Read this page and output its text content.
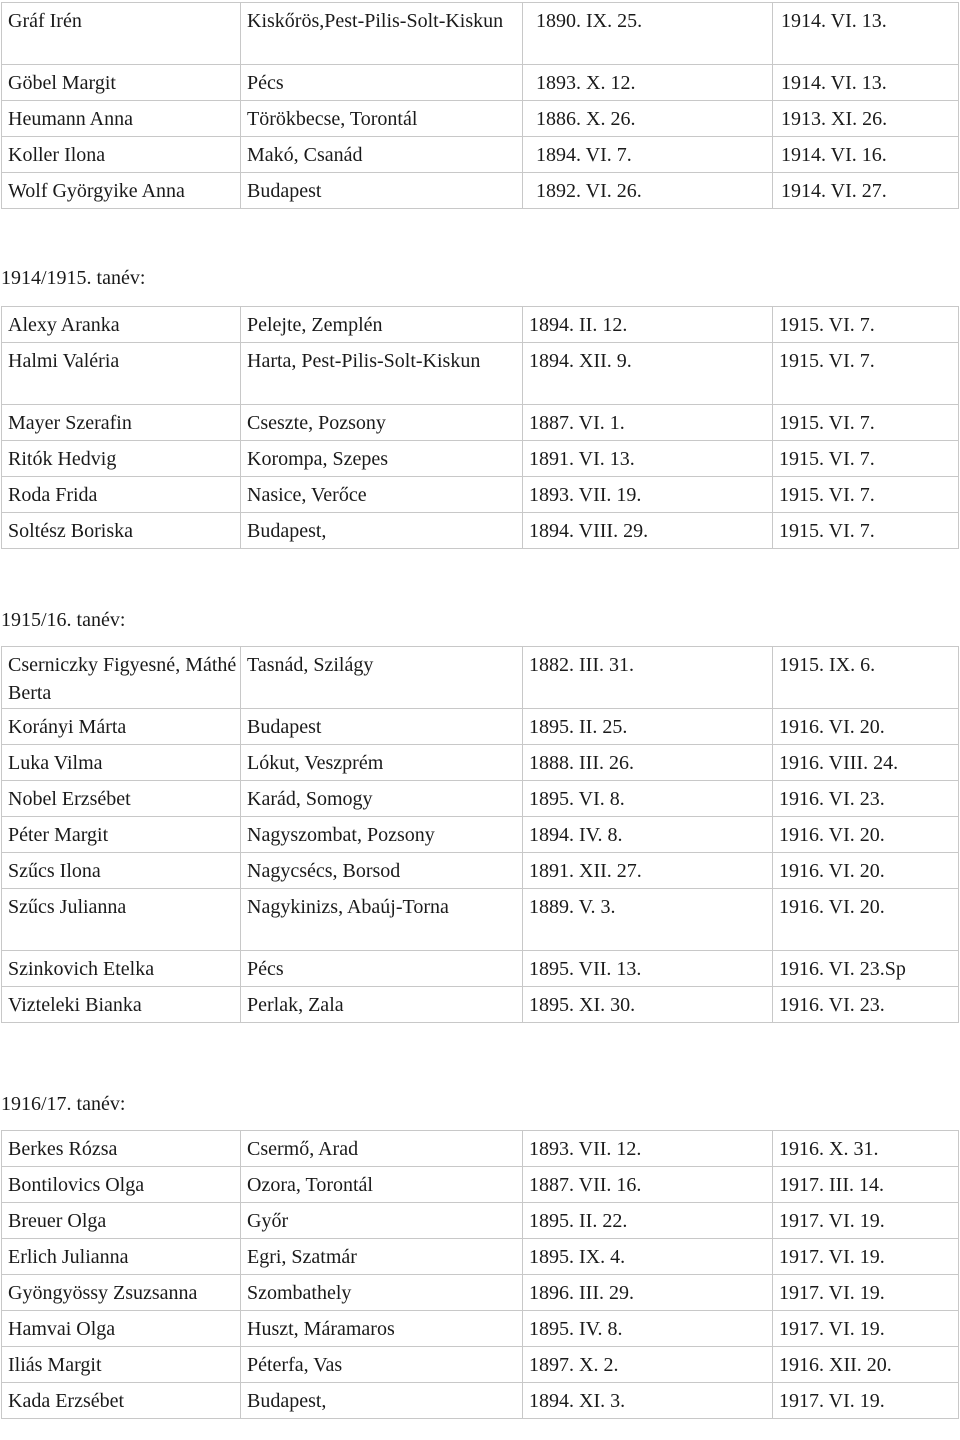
Gráf Irén	Kiskőrös,Pest-Pilis-Solt-Kiskun	1890. IX. 25.	1914. VI. 13.
Göbel Margit	Pécs	1893. X. 12.	1914. VI. 13.
Heumann Anna	Törökbecse, Torontál	1886. X. 26.	1913. XI. 26.
Koller Ilona	Makó, Csanád	1894. VI. 7.	1914. VI. 16.
Wolf Györgyike Anna	Budapest	1892. VI. 26.	1914. VI. 27.
1914/1915. tanév:
Alexy Aranka	Pelejte, Zemplén	1894. II. 12.	1915. VI. 7.
Halmi Valéria	Harta, Pest-Pilis-Solt-Kiskun	1894. XII. 9.	1915. VI. 7.
Mayer Szerafin	Cseszte, Pozsony	1887. VI. 1.	1915. VI. 7.
Ritók Hedvig	Korompa, Szepes	1891. VI. 13.	1915. VI. 7.
Roda Frida	Nasice, Verőce	1893. VII. 19.	1915. VI. 7.
Soltész Boriska	Budapest,	1894. VIII. 29.	1915. VI. 7.
1915/16. tanév:
Cserniczky Figyesné, Máthé Berta	Tasnád, Szilágy	1882. III. 31.	1915. IX. 6.
Korányi Márta	Budapest	1895. II. 25.	1916. VI. 20.
Luka Vilma	Lókut, Veszprém	1888. III. 26.	1916. VIII. 24.
Nobel Erzsébet	Karád, Somogy	1895. VI. 8.	1916. VI. 23.
Péter Margit	Nagyszombat, Pozsony	1894. IV. 8.	1916. VI. 20.
Szűcs Ilona	Nagycsécs, Borsod	1891. XII. 27.	1916. VI. 20.
Szűcs Julianna	Nagykinizs, Abaúj-Torna	1889. V. 3.	1916. VI. 20.
Szinkovich Etelka	Pécs	1895. VII. 13.	1916. VI. 23.Sp
Vizteleki Bianka	Perlak, Zala	1895. XI. 30.	1916. VI. 23.
1916/17. tanév:
Berkes Rózsa	Csermő, Arad	1893. VII. 12.	1916. X. 31.
Bontilovics Olga	Ozora, Torontál	1887. VII. 16.	1917. III. 14.
Breuer Olga	Győr	1895. II. 22.	1917. VI. 19.
Erlich Julianna	Egri, Szatmár	1895. IX. 4.	1917. VI. 19.
Gyöngyössy Zsuzsanna	Szombathely	1896. III. 29.	1917. VI. 19.
Hamvai Olga	Huszt, Máramaros	1895. IV. 8.	1917. VI. 19.
Iliás Margit	Péterfa, Vas	1897. X. 2.	1916. XII. 20.
Kada Erzsébet	Budapest,	1894. XI. 3.	1917. VI. 19.
